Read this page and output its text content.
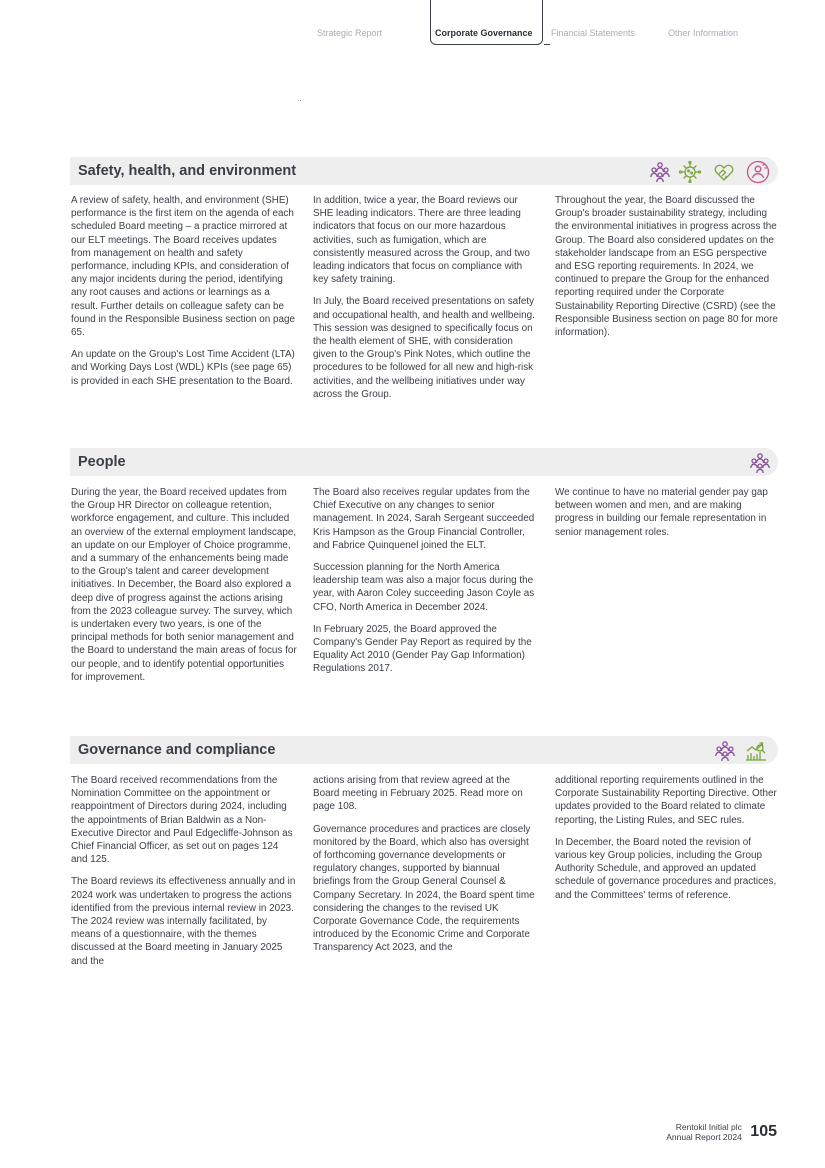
Strategic Report	Corporate Governance	Financial Statements	Other Information
Safety, health, and environment

A review of safety, health, and environment (SHE) performance is the first item on the agenda of each scheduled Board meeting – a practice mirrored at our ELT meetings. The Board receives updates from management on health and safety performance, including KPIs, and consideration of any major incidents during the period, identifying any root causes and actions or learnings as a result. Further details on colleague safety can be found in the Responsible Business section on page 65.

An update on the Group's Lost Time Accident (LTA) and Working Days Lost (WDL) KPIs (see page 65) is provided in each SHE presentation to the Board.

In addition, twice a year, the Board reviews our SHE leading indicators. There are three leading indicators that focus on our more hazardous activities, such as fumigation, which are consistently measured across the Group, and two leading indicators that focus on compliance with key safety training.

In July, the Board received presentations on safety and occupational health, and health and wellbeing. This session was designed to specifically focus on the health element of SHE, with consideration given to the Group's Pink Notes, which outline the procedures to be followed for all new and high-risk activities, and the wellbeing initiatives under way across the Group.

Throughout the year, the Board discussed the Group's broader sustainability strategy, including the environmental initiatives in progress across the Group. The Board also considered updates on the stakeholder landscape from an ESG perspective and ESG reporting requirements. In 2024, we continued to prepare the Group for the enhanced reporting required under the Corporate Sustainability Reporting Directive (CSRD) (see the Responsible Business section on page 80 for more information).

People

During the year, the Board received updates from the Group HR Director on colleague retention, workforce engagement, and culture. This included an overview of the external employment landscape, an update on our Employer of Choice programme, and a summary of the enhancements being made to the Group's talent and career development initiatives. In December, the Board also explored a deep dive of progress against the actions arising from the 2023 colleague survey. The survey, which is undertaken every two years, is one of the principal methods for both senior management and the Board to understand the main areas of focus for our people, and to identify potential opportunities for improvement.

The Board also receives regular updates from the Chief Executive on any changes to senior management. In 2024, Sarah Sergeant succeeded Kris Hampson as the Group Financial Controller, and Fabrice Quinquenel joined the ELT.

Succession planning for the North America leadership team was also a major focus during the year, with Aaron Coley succeeding Jason Coyle as CFO, North America in December 2024.

In February 2025, the Board approved the Company's Gender Pay Report as required by the Equality Act 2010 (Gender Pay Gap Information) Regulations 2017.

We continue to have no material gender pay gap between women and men, and are making progress in building our female representation in senior management roles.

Governance and compliance

The Board received recommendations from the Nomination Committee on the appointment or reappointment of Directors during 2024, including the appointments of Brian Baldwin as a Non-Executive Director and Paul Edgecliffe-Johnson as Chief Financial Officer, as set out on pages 124 and 125.

The Board reviews its effectiveness annually and in 2024 work was undertaken to progress the actions identified from the previous internal review in 2023. The 2024 review was internally facilitated, by means of a questionnaire, with the themes discussed at the Board meeting in January 2025 and the

actions arising from that review agreed at the Board meeting in February 2025. Read more on page 108.

Governance procedures and practices are closely monitored by the Board, which also has oversight of forthcoming governance developments or regulatory changes, supported by biannual briefings from the Group General Counsel & Company Secretary. In 2024, the Board spent time considering the changes to the revised UK Corporate Governance Code, the requirements introduced by the Economic Crime and Corporate Transparency Act 2023, and the

additional reporting requirements outlined in the Corporate Sustainability Reporting Directive. Other updates provided to the Board related to climate reporting, the Listing Rules, and SEC rules.

In December, the Board noted the revision of various key Group policies, including the Group Authority Schedule, and approved an updated schedule of governance procedures and practices, and the Committees' terms of reference.

Rentokil Initial plc
Annual Report 2024 105
